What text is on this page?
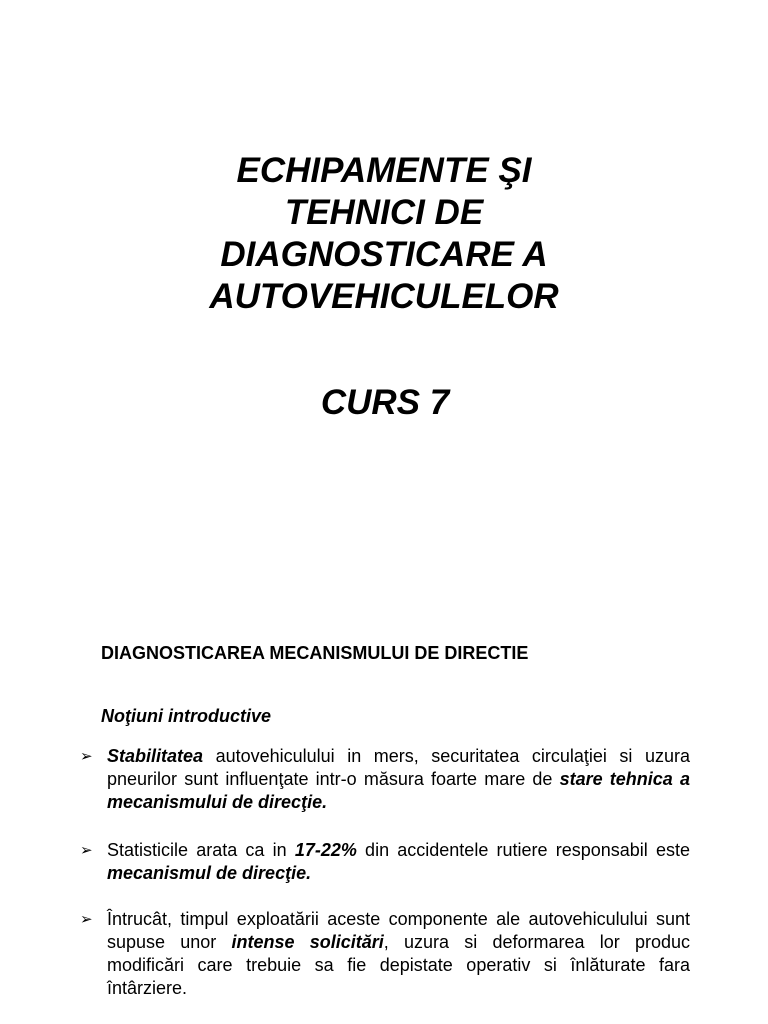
ECHIPAMENTE ŞI
TEHNICI DE
DIAGNOSTICARE A
AUTOVEHICULELOR
CURS 7
DIAGNOSTICAREA MECANISMULUI DE DIRECTIE
Noţiuni introductive
➢ Stabilitatea autovehiculului in mers, securitatea circulaţiei si uzura pneurilor sunt influenţate intr-o măsura foarte mare de stare tehnica a mecanismului de direcţie.
➢ Statisticile arata ca in 17-22% din accidentele rutiere responsabil este mecanismul de direcţie.
➢ Întrucât, timpul exploatării aceste componente ale autovehiculului sunt supuse unor intense solicitări, uzura si deformarea lor produc modificări care trebuie sa fie depistate operativ si înlăturate fara întârziere.
